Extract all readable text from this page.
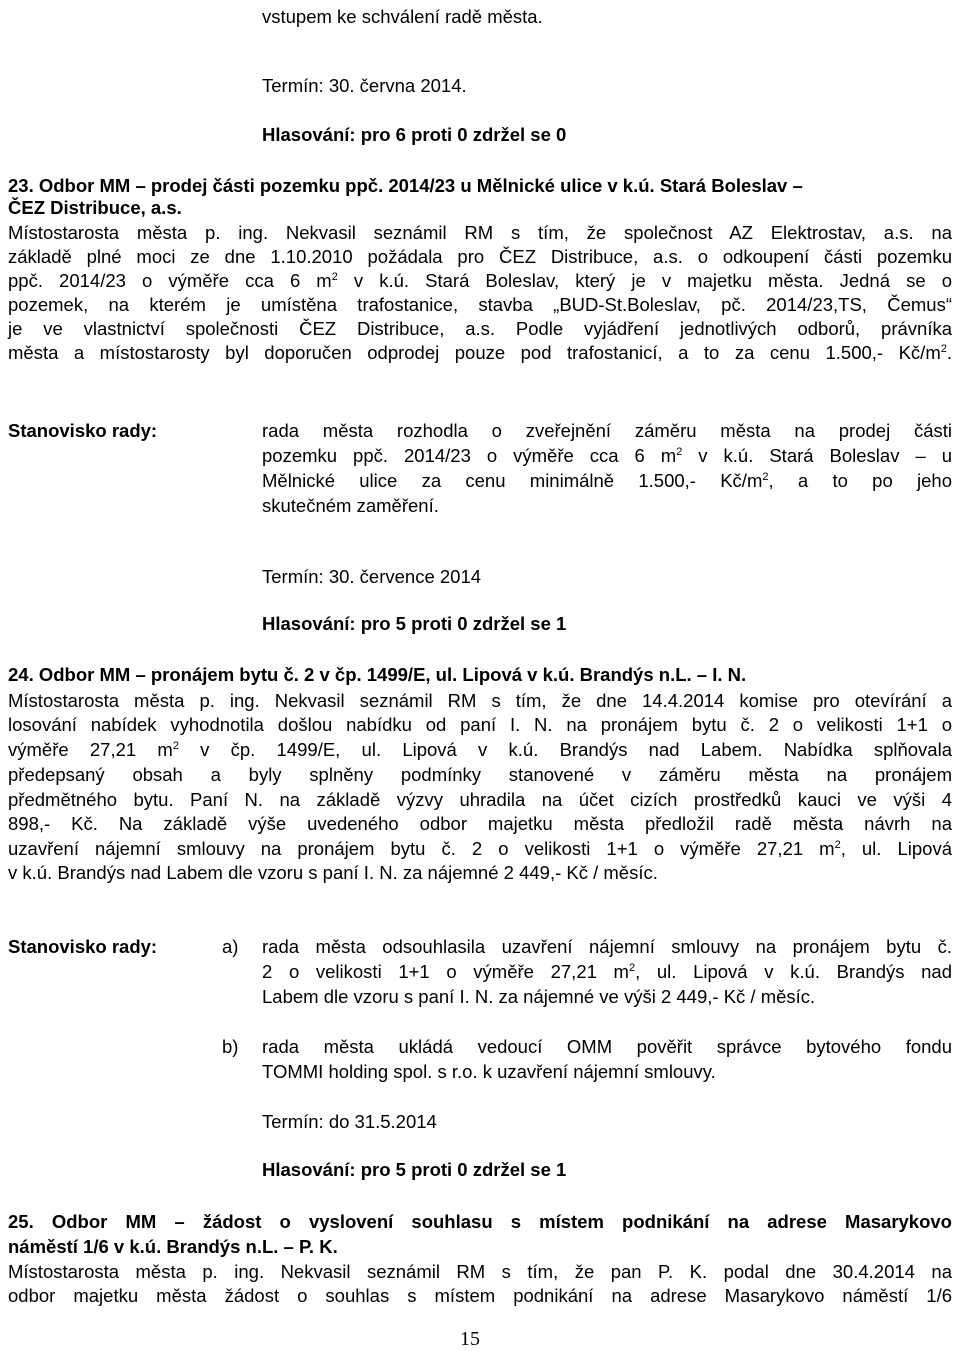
vstupem ke schválení radě města.
Termín: 30. června 2014.
Hlasování: pro 6 proti 0 zdržel se 0
23. Odbor MM – prodej části pozemku ppč. 2014/23 u Mělnické ulice v k.ú. Stará Boleslav –
ČEZ Distribuce, a.s.
Místostarosta města p. ing. Nekvasil seznámil RM s tím, že společnost AZ Elektrostav, a.s. na
základě plné moci ze dne 1.10.2010 požádala pro ČEZ Distribuce, a.s. o odkoupení části pozemku
ppč. 2014/23 o výměře cca 6 $m^2$ v k.ú. Stará Boleslav, který je v majetku města. Jedná se o
pozemek, na kterém je umístěna trafostanice, stavba „BUD-St.Boleslav, pč. 2014/23,TS, Čemus“
je ve vlastnictví společnosti ČEZ Distribuce, a.s. Podle vyjádření jednotlivých odborů, právníka
města a místostarosty byl doporučen odprodej pouze pod trafostanicí, a to za cenu 1.500,- $Kč/m^2$.
Stanovisko rady:	rada města rozhodla o zveřejnění záměru města na prodej části
pozemku ppč. 2014/23 o výměře cca 6 $m^2$ v k.ú. Stará Boleslav – u
Mělnické ulice za cenu minimálně 1.500,- $Kč/m^2$, a to po jeho
skutečném zaměření.
Termín: 30. července 2014
Hlasování: pro 5 proti 0 zdržel se 1
24. Odbor MM – pronájem bytu č. 2 v čp. 1499/E, ul. Lipová v k.ú. Brandýs n.L. – I. N.
Místostarosta města p. ing. Nekvasil seznámil RM s tím, že dne 14.4.2014 komise pro otevírání a
losování nabídek vyhodnotila došlou nabídku od paní I. N. na pronájem bytu č. 2 o velikosti 1+1 o
výměře 27,21 $m^2$ v čp. 1499/E, ul. Lipová v k.ú. Brandýs nad Labem. Nabídka splňovala
předepsaný obsah a byly splněny podmínky stanovené v záměru města na pronájem
předmětného bytu. Paní N. na základě výzvy uhradila na účet cizích prostředků kauci ve výši 4
898,- Kč. Na základě výše uvedeného odbor majetku města předložil radě města návrh na
uzavření nájemní smlouvy na pronájem bytu č. 2 o velikosti 1+1 o výměře 27,21 $m^2$, ul. Lipová
v k.ú. Brandýs nad Labem dle vzoru s paní I. N. za nájemné 2 449,- Kč / měsíc.
Stanovisko rady:	a) rada města odsouhlasila uzavření nájemní smlouvy na pronájem bytu č.
2 o velikosti 1+1 o výměře 27,21 $m^2$, ul. Lipová v k.ú. Brandýs nad
Labem dle vzoru s paní I. N. za nájemné ve výši 2 449,- Kč / měsíc.
b) rada města ukládá vedoucí OMM pověřit správce bytového fondu
TOMMI holding spol. s r.o. k uzavření nájemní smlouvy.
Termín: do 31.5.2014
Hlasování: pro 5 proti 0 zdržel se 1
25. Odbor MM – žádost o vyslovení souhlasu s místem podnikání na adrese Masarykovo
náměstí 1/6 v k.ú. Brandýs n.L. – P. K.
Místostarosta města p. ing. Nekvasil seznámil RM s tím, že pan P. K. podal dne 30.4.2014 na
odbor majetku města žádost o souhlas s místem podnikání na adrese Masarykovo náměstí 1/6
15
